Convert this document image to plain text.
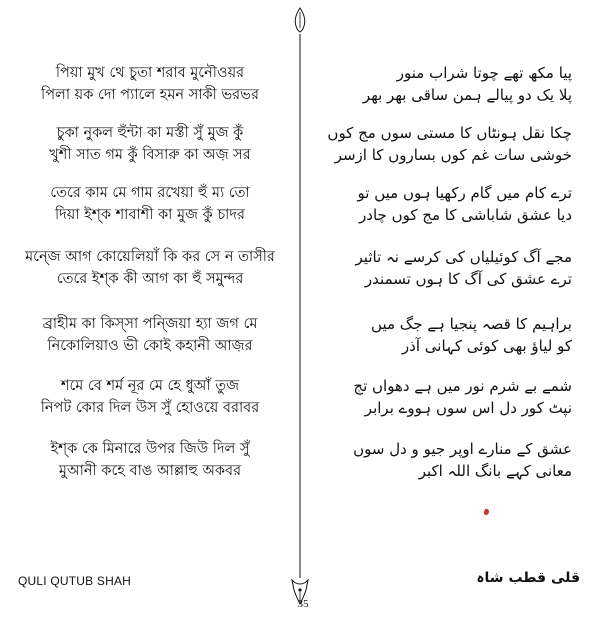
পিয়া মুখ থে চুতা শরাব মুনৌওয়র
পিলা য়ক দো প্যালে হমন সাকী ভরভর
চুকা নুকল হুঁন্টা কা মস্তী সুঁ মুজ কুঁ
খুশী সাত গম কুঁ বিসারু কা অজ় সর
তেরে কাম মে গাম রখেয়া হুঁ ম্য তো
দিয়া ইশ্ক শাবাশী কা মুজ কুঁ চাদর
মন্জে আগ কোয়েলিয়াঁ কি কর সে ন তাসীর
তেরে ইশ্ক কী আগ কা হুঁ সমুন্দর
ব্রাহীম কা কিস্সা পন্জিয়া হ্যা জগ মে
নিকোলিয়াও ভী কোই কহানী আজ়র
শমে বে শর্ম নূর মে হে ধুআঁ তুজ
নিপট কোর দিল উস সুঁ হোওয়ে বরাবর
ইশ্ক কে মিনারে উপর জিউ দিল সুঁ
মুআনী কহে বাঙ আল্লাহু অকবর
پیا مکھ تھے چوتا شراب منور
پلا یک دو پیالے ہمن ساقی بھر بھر
چکا نقل ہونٹاں کا مستی سوں مج کوں
خوشی سات غم کوں بساروں کا ازسر
ترے کام میں گام رکھیا ہوں میں تو
دیا عشق شاباشی کا مج کوں چادر
مجے آگ کوئیلیاں کی کرسے نہ تاثیر
ترے عشق کی آگ کا ہوں تسمندر
براہیم کا قصہ پنجیا ہے جگ میں
کو لیاؤ بھی کوئی کہانی آذر
شمے بے شرم نور میں ہے دھواں تج
نپٹ کور دل اس سوں ہووے برابر
عشق کے منارے اوپر جیو و دل سوں
معانی کہے بانگ اللہ اکبر
QULI QUTUB SHAH	قلی قطب شاہ
35
